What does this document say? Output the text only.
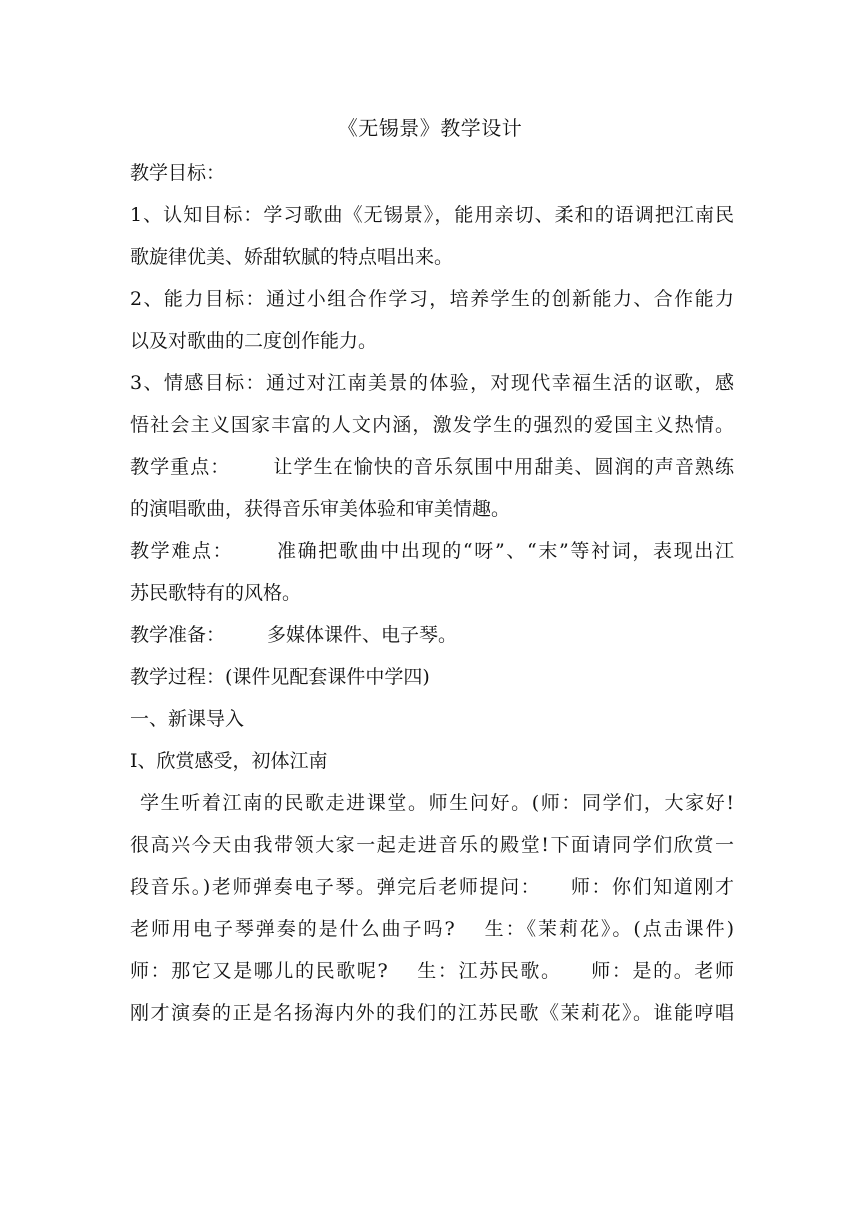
《无锡景》教学设计
教学目标：
1、认知目标：学习歌曲《无锡景》，能用亲切、柔和的语调把江南民
歌旋律优美、娇甜软腻的特点唱出来。
2、能力目标：通过小组合作学习，培养学生的创新能力、合作能力
以及对歌曲的二度创作能力。
3、情感目标：通过对江南美景的体验，对现代幸福生活的讴歌，感
悟社会主义国家丰富的人文内涵，激发学生的强烈的爱国主义热情。
教学重点： 让学生在愉快的音乐氛围中用甜美、圆润的声音熟练
的演唱歌曲，获得音乐审美体验和审美情趣。
教学难点： 准确把歌曲中出现的“呀”、“末”等衬词，表现出江
苏民歌特有的风格。
教学准备： 多媒体课件、电子琴。
教学过程：(课件见配套课件中学四)
一、新课导入
Ⅰ、欣赏感受，初体江南
学生听着江南的民歌走进课堂。师生问好。(师：同学们，大家好!
很高兴今天由我带领大家一起走进音乐的殿堂!下面请同学们欣赏一
段音乐。)老师弹奏电子琴。弹完后老师提问： 师：你们知道刚才
老师用电子琴弹奏的是什么曲子吗? 生：《茉莉花》。(点击课件)
师：那它又是哪儿的民歌呢? 生：江苏民歌。 师：是的。老师
刚才演奏的正是名扬海内外的我们的江苏民歌《茉莉花》。谁能哼唱
